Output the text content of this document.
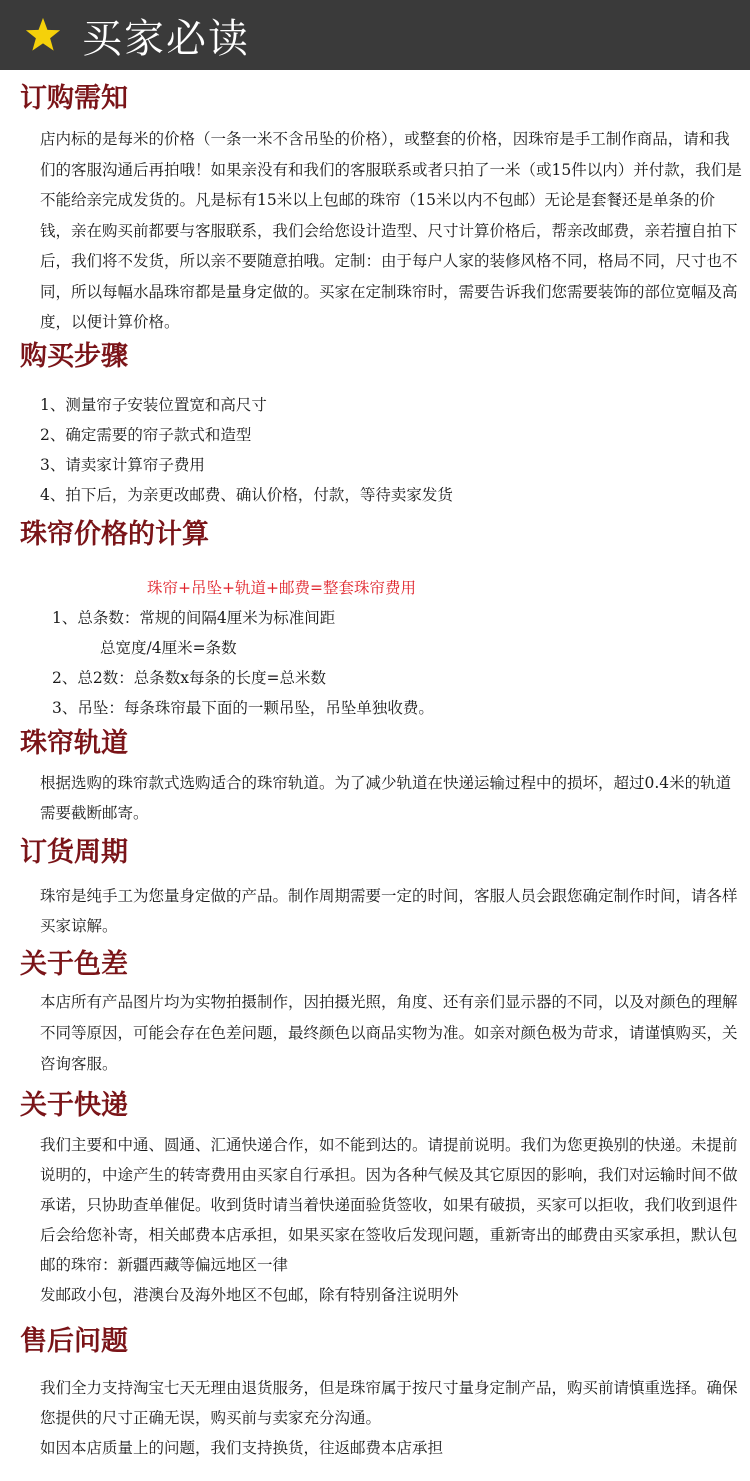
买家必读
订购需知
店内标的是每米的价格（一条一米不含吊坠的价格），或整套的价格，因珠帘是手工制作商品，请和我们的客服沟通后再拍哦！如果亲没有和我们的客服联系或者只拍了一米（或15件以内）并付款，我们是不能给亲完成发货的。凡是标有15米以上包邮的珠帘（15米以内不包邮）无论是套餐还是单条的价钱，亲在购买前都要与客服联系，我们会给您设计造型、尺寸计算价格后，帮亲改邮费，亲若擅自拍下后，我们将不发货，所以亲不要随意拍哦。定制：由于每户人家的装修风格不同，格局不同，尺寸也不同，所以每幅水晶珠帘都是量身定做的。买家在定制珠帘时，需要告诉我们您需要装饰的部位宽幅及高度，以便计算价格。
购买步骤
1、测量帘子安装位置宽和高尺寸
2、确定需要的帘子款式和造型
3、请卖家计算帘子费用
4、拍下后，为亲更改邮费、确认价格，付款，等待卖家发货
珠帘价格的计算
珠帘+吊坠+轨道+邮费=整套珠帘费用
1、总条数：常规的间隔4厘米为标准间距
总宽度/4厘米=条数
2、总2数：总条数x每条的长度=总米数
3、吊坠：每条珠帘最下面的一颗吊坠，吊坠单独收费。
珠帘轨道
根据选购的珠帘款式选购适合的珠帘轨道。为了减少轨道在快递运输过程中的损坏，超过0.4米的轨道需要截断邮寄。
订货周期
珠帘是纯手工为您量身定做的产品。制作周期需要一定的时间，客服人员会跟您确定制作时间，请各样买家谅解。
关于色差
本店所有产品图片均为实物拍摄制作，因拍摄光照，角度、还有亲们显示器的不同，以及对颜色的理解不同等原因，可能会存在色差问题，最终颜色以商品实物为准。如亲对颜色极为苛求，请谨慎购买，关咨询客服。
关于快递
我们主要和中通、圆通、汇通快递合作，如不能到达的。请提前说明。我们为您更换别的快递。未提前说明的，中途产生的转寄费用由买家自行承担。因为各种气候及其它原因的影响，我们对运输时间不做承诺，只协助查单催促。收到货时请当着快递面验货签收，如果有破损，买家可以拒收，我们收到退件后会给您补寄，相关邮费本店承担，如果买家在签收后发现问题，重新寄出的邮费由买家承担，默认包邮的珠帘：新疆西藏等偏远地区一律
发邮政小包，港澳台及海外地区不包邮，除有特别备注说明外
售后问题
我们全力支持淘宝七天无理由退货服务，但是珠帘属于按尺寸量身定制产品，购买前请慎重选择。确保您提供的尺寸正确无误，购买前与卖家充分沟通。
如因本店质量上的问题，我们支持换货，往返邮费本店承担
